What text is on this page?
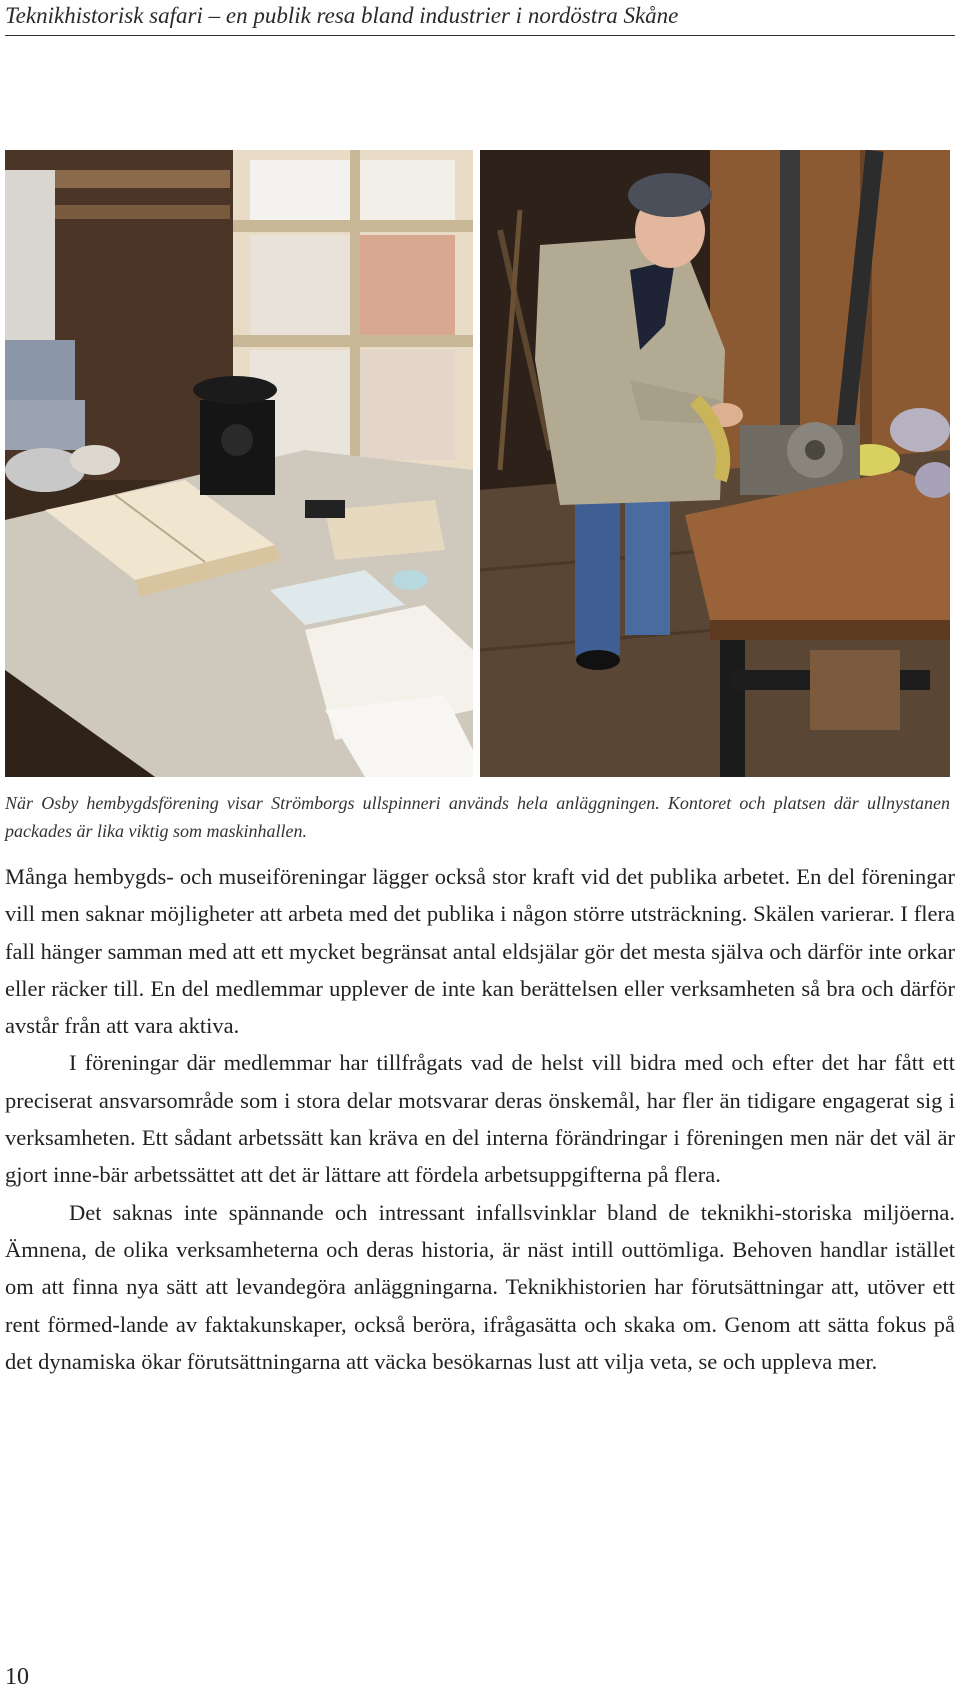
Teknikhistorisk safari – en publik resa bland industrier i nordöstra Skåne

När Osby hembygdsförening visar Strömborgs ullspinneri används hela anläggningen. Kontoret och platsen där ullnystanen packades är lika viktig som maskinhallen.

Många hembygds- och museiföreningar lägger också stor kraft vid det publika arbetet. En del föreningar vill men saknar möjligheter att arbeta med det publika i någon större utsträckning. Skälen varierar. I flera fall hänger samman med att ett mycket begränsat antal eldsjälar gör det mesta själva och därför inte orkar eller räcker till. En del medlemmar upplever de inte kan berättelsen eller verksamheten så bra och därför avstår från att vara aktiva.

I föreningar där medlemmar har tillfrågats vad de helst vill bidra med och efter det har fått ett preciserat ansvarsområde som i stora delar motsvarar deras önskemål, har fler än tidigare engagerat sig i verksamheten. Ett sådant arbetssätt kan kräva en del interna förändringar i föreningen men när det väl är gjort inne-bär arbetssättet att det är lättare att fördela arbetsuppgifterna på flera.

Det saknas inte spännande och intressant infallsvinklar bland de teknikhi-storiska miljöerna. Ämnena, de olika verksamheterna och deras historia, är näst intill outtömliga. Behoven handlar istället om att finna nya sätt att levandegöra anläggningarna. Teknikhistorien har förutsättningar att, utöver ett rent förmed-lande av faktakunskaper, också beröra, ifrågasätta och skaka om. Genom att sätta fokus på det dynamiska ökar förutsättningarna att väcka besökarnas lust att vilja veta, se och uppleva mer.

10
